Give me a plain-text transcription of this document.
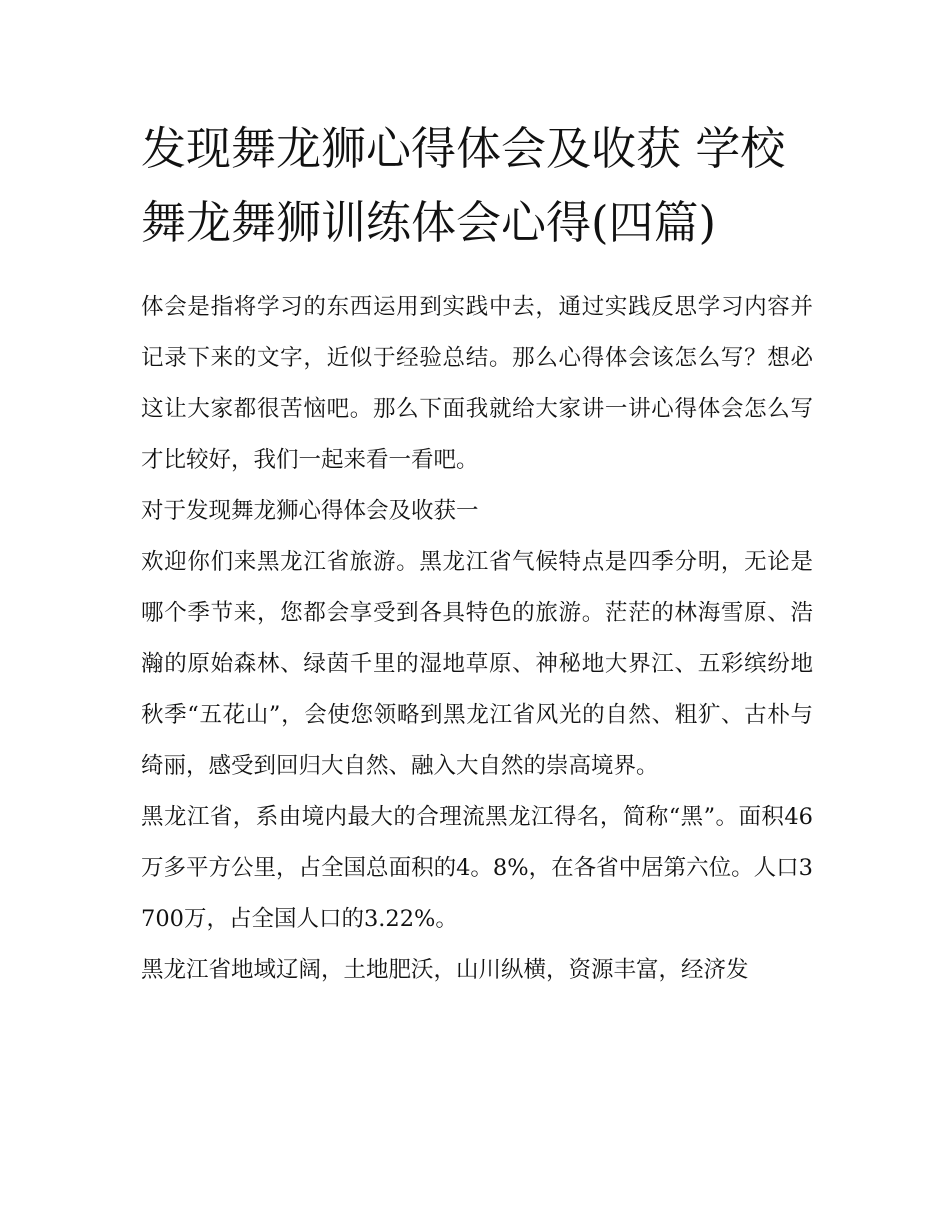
发现舞龙狮心得体会及收获 学校舞龙舞狮训练体会心得(四篇)

体会是指将学习的东西运用到实践中去，通过实践反思学习内容并记录下来的文字，近似于经验总结。那么心得体会该怎么写？想必这让大家都很苦恼吧。那么下面我就给大家讲一讲心得体会怎么写才比较好，我们一起来看一看吧。

对于发现舞龙狮心得体会及收获一

欢迎你们来黑龙江省旅游。黑龙江省气候特点是四季分明，无论是哪个季节来，您都会享受到各具特色的旅游。茫茫的林海雪原、浩瀚的原始森林、绿茵千里的湿地草原、神秘地大界江、五彩缤纷地秋季“五花山”，会使您领略到黑龙江省风光的自然、粗犷、古朴与绮丽，感受到回归大自然、融入大自然的崇高境界。

黑龙江省，系由境内最大的合理流黑龙江得名，简称“黑”。面积46万多平方公里，占全国总面积的4。8%，在各省中居第六位。人口3700万，占全国人口的3.22%。

黑龙江省地域辽阔，土地肥沃，山川纵横，资源丰富，经济发
